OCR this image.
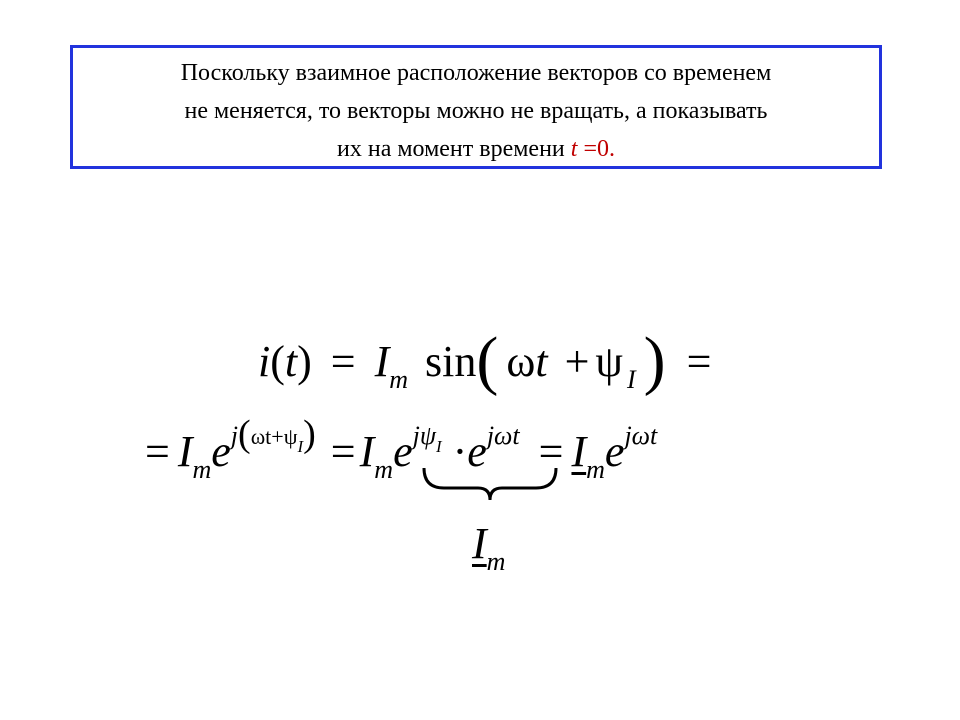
Поскольку взаимное расположение векторов со временем
не меняется, то векторы можно не вращать, а показывать
их на момент времени t =0.
$i(t) = I_m$ sin( ωt + ψ $_I$ ) =
= $I_me^j(^{\omega t+\psi I}) =I_me^{j\psi I} \cdot e^{j\omega t} = I_me^{j\omega t}$
$I_m$
